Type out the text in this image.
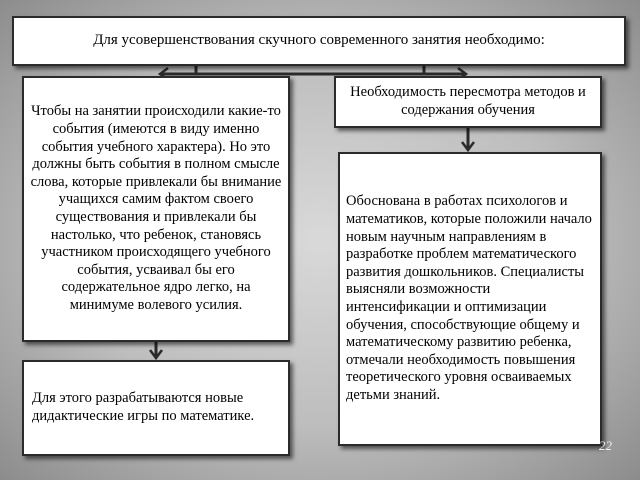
Для усовершенствования скучного современного занятия необходимо:
Чтобы на занятии происходили какие-то события (имеются в виду именно события учебного характера). Но это должны быть события в полном смысле слова, которые привлекали бы внимание учащихся самим фактом своего существования и привлекали бы настолько, что ребенок, становясь участником происходящего учебного события, усваивал бы его содержательное ядро легко, на минимуме волевого усилия.
Необходимость пересмотра методов и содержания обучения
Для этого разрабатываются новые дидактические игры по математике.
Обоснована в работах психологов и математиков, которые положили начало новым научным направлениям в разработке проблем математического развития дошкольников. Специалисты выясняли возможности интенсификации и оптимизации обучения, способствующие общему и математическому развитию ребенка, отмечали необходимость повышения теоретического уровня осваиваемых детьми знаний.
22
